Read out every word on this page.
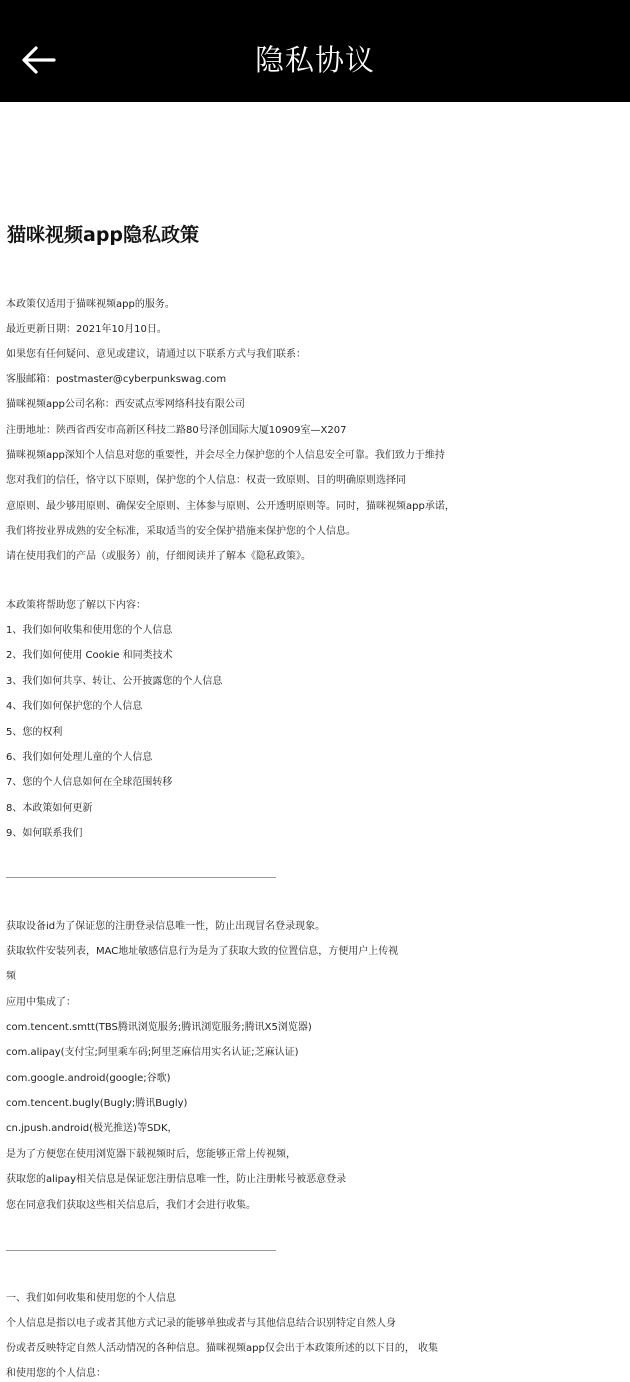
隐私协议
猫咪视频app隐私政策

本政策仅适用于猫咪视频app的服务。

最近更新日期：2021年10月10日。

如果您有任何疑问、意见或建议，请通过以下联系方式与我们联系：

客服邮箱：postmaster@cyberpunkswag.com

猫咪视频app公司名称：西安贰点零网络科技有限公司

注册地址：陕西省西安市高新区科技二路80号泽创国际大厦10909室—X207

猫咪视频app深知个人信息对您的重要性，并会尽全力保护您的个人信息安全可靠。我们致力于维持

您对我们的信任，恪守以下原则，保护您的个人信息：权责一致原则、目的明确原则选择同

意原则、最少够用原则、确保安全原则、主体参与原则、公开透明原则等。同时，猫咪视频app承诺，

我们将按业界成熟的安全标准，采取适当的安全保护措施来保护您的个人信息。

请在使用我们的产品（或服务）前，仔细阅读并了解本《隐私政策》。

本政策将帮助您了解以下内容：

1、我们如何收集和使用您的个人信息

2、我们如何使用 Cookie 和同类技术

3、我们如何共享、转让、公开披露您的个人信息

4、我们如何保护您的个人信息

5、您的权利

6、我们如何处理儿童的个人信息

7、您的个人信息如何在全球范围转移

8、本政策如何更新

9、如何联系我们

获取设备id为了保证您的注册登录信息唯一性，防止出现冒名登录现象。

获取软件安装列表，MAC地址敏感信息行为是为了获取大致的位置信息，方便用户上传视

频

应用中集成了：

com.tencent.smtt(TBS腾讯浏览服务;腾讯浏览服务;腾讯X5浏览器)

com.alipay(支付宝;阿里乘车码;阿里芝麻信用实名认证;芝麻认证)

com.google.android(google;谷歌)

com.tencent.bugly(Bugly;腾讯Bugly)

cn.jpush.android(极光推送)等SDK，

是为了方便您在使用浏览器下载视频时后，您能够正常上传视频，

获取您的alipay相关信息是保证您注册信息唯一性，防止注册帐号被恶意登录

您在同意我们获取这些相关信息后，我们才会进行收集。

一、我们如何收集和使用您的个人信息

个人信息是指以电子或者其他方式记录的能够单独或者与其他信息结合识别特定自然人身

份或者反映特定自然人活动情况的各种信息。猫咪视频app仅会出于本政策所述的以下目的， 收集

和使用您的个人信息：
